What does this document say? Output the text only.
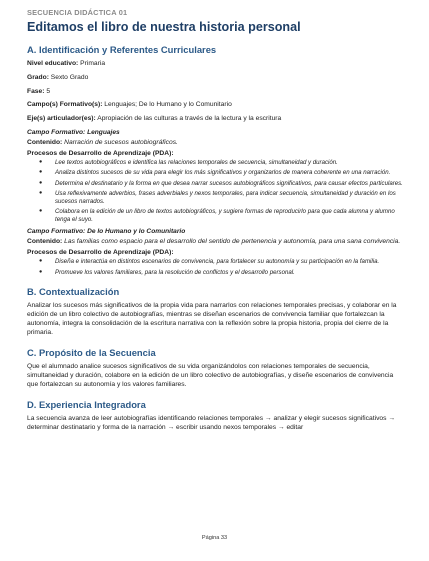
SECUENCIA DIDÁCTICA 01
Editamos el libro de nuestra historia personal
A. Identificación y Referentes Curriculares
Nivel educativo: Primaria
Grado: Sexto Grado
Fase: 5
Campo(s) Formativo(s): Lenguajes; De lo Humano y lo Comunitario
Eje(s) articulador(es): Apropiación de las culturas a través de la lectura y la escritura
Campo Formativo: Lenguajes
Contenido: Narración de sucesos autobiográficos.
Procesos de Desarrollo de Aprendizaje (PDA):
● Lee textos autobiográficos e identifica las relaciones temporales de secuencia, simultaneidad y duración.
● Analiza distintos sucesos de su vida para elegir los más significativos y organizarlos de manera coherente en una narración.
● Determina el destinatario y la forma en que desea narrar sucesos autobiográficos significativos, para causar efectos particulares.
● Usa reflexivamente adverbios, frases adverbiales y nexos temporales, para indicar secuencia, simultaneidad y duración en los sucesos narrados.
● Colabora en la edición de un libro de textos autobiográficos, y sugiere formas de reproducirlo para que cada alumna y alumno tenga el suyo.
Campo Formativo: De lo Humano y lo Comunitario
Contenido: Las familias como espacio para el desarrollo del sentido de pertenencia y autonomía, para una sana convivencia.
Procesos de Desarrollo de Aprendizaje (PDA):
● Diseña e interactúa en distintos escenarios de convivencia, para fortalecer su autonomía y su participación en la familia.
● Promueve los valores familiares, para la resolución de conflictos y el desarrollo personal.
B. Contextualización
Analizar los sucesos más significativos de la propia vida para narrarlos con relaciones temporales precisas, y colaborar en la edición de un libro colectivo de autobiografías, mientras se diseñan escenarios de convivencia familiar que fortalezcan la autonomía, integra la consolidación de la escritura narrativa con la reflexión sobre la propia historia, propia del cierre de la primaria.
C. Propósito de la Secuencia
Que el alumnado analice sucesos significativos de su vida organizándolos con relaciones temporales de secuencia, simultaneidad y duración, colabore en la edición de un libro colectivo de autobiografías, y diseñe escenarios de convivencia que fortalezcan su autonomía y los valores familiares.
D. Experiencia Integradora
La secuencia avanza de leer autobiografías identificando relaciones temporales → analizar y elegir sucesos significativos → determinar destinatario y forma de la narración → escribir usando nexos temporales → editar
Página 33
